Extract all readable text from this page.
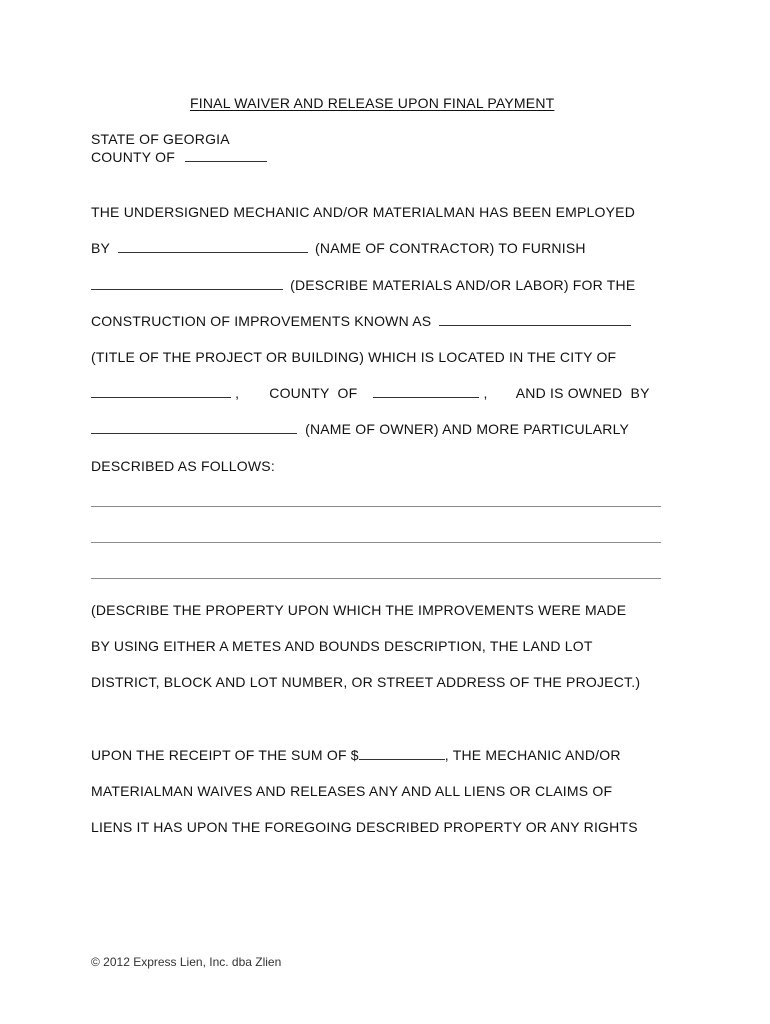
FINAL WAIVER AND RELEASE UPON FINAL PAYMENT
STATE OF GEORGIA
COUNTY OF
THE UNDERSIGNED MECHANIC AND/OR MATERIALMAN HAS BEEN EMPLOYED
BY	(NAME OF CONTRACTOR) TO FURNISH
(DESCRIBE MATERIALS AND/OR LABOR) FOR THE
CONSTRUCTION OF IMPROVEMENTS KNOWN AS
(TITLE OF THE PROJECT OR BUILDING) WHICH IS LOCATED IN THE CITY OF
, COUNTY  OF	, AND IS OWNED  BY
(NAME OF OWNER) AND MORE PARTICULARLY
DESCRIBED AS FOLLOWS:
(DESCRIBE THE PROPERTY UPON WHICH THE IMPROVEMENTS WERE MADE
BY USING EITHER A METES AND BOUNDS DESCRIPTION, THE LAND LOT
DISTRICT, BLOCK AND LOT NUMBER, OR STREET ADDRESS OF THE PROJECT.)
UPON THE RECEIPT OF THE SUM OF $	, THE MECHANIC AND/OR
MATERIALMAN WAIVES AND RELEASES ANY AND ALL LIENS OR CLAIMS OF
LIENS IT HAS UPON THE FOREGOING DESCRIBED PROPERTY OR ANY RIGHTS
© 2012 Express Lien, Inc. dba Zlien
